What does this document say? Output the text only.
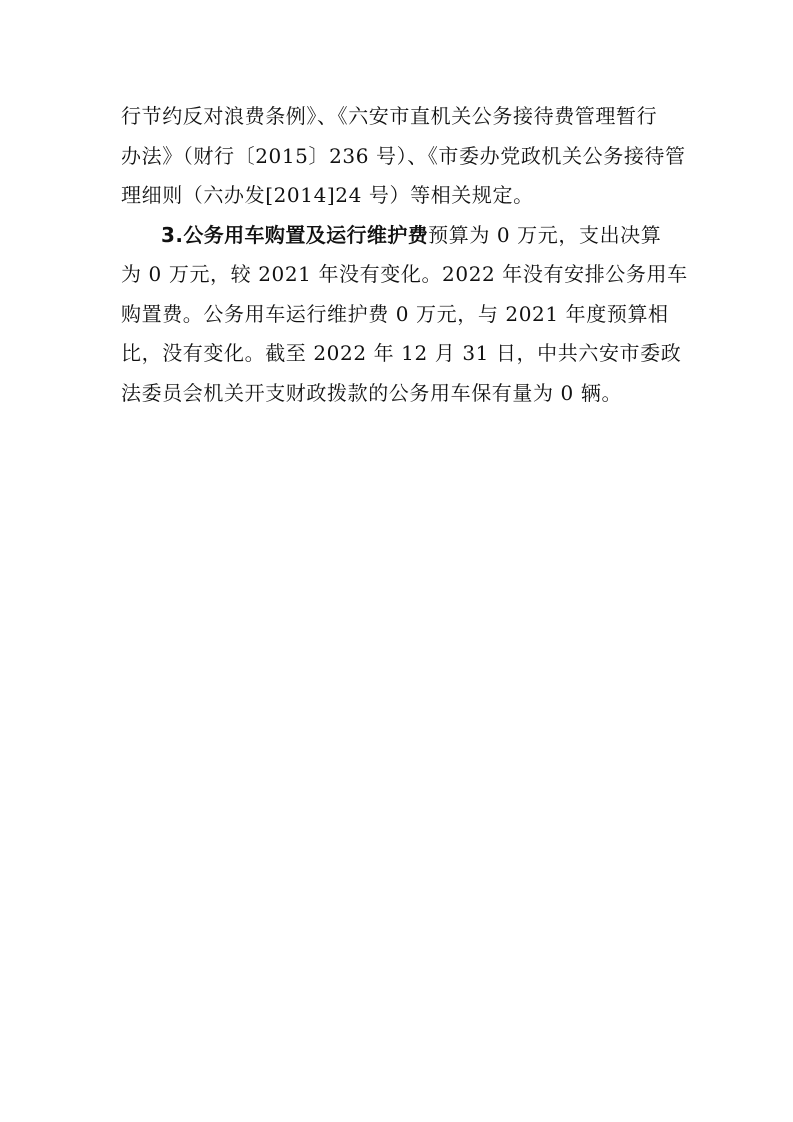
行节约反对浪费条例》、《六安市直机关公务接待费管理暂行
办法》（财行〔2015〕236 号）、《市委办党政机关公务接待管
理细则（六办发[2014]24 号）等相关规定。
3.公务用车购置及运行维护费预算为 0 万元，支出决算
为 0 万元，较 2021 年没有变化。2022 年没有安排公务用车
购置费。公务用车运行维护费 0 万元，与 2021 年度预算相
比，没有变化。截至 2022 年 12 月 31 日，中共六安市委政
法委员会机关开支财政拨款的公务用车保有量为 0 辆。
